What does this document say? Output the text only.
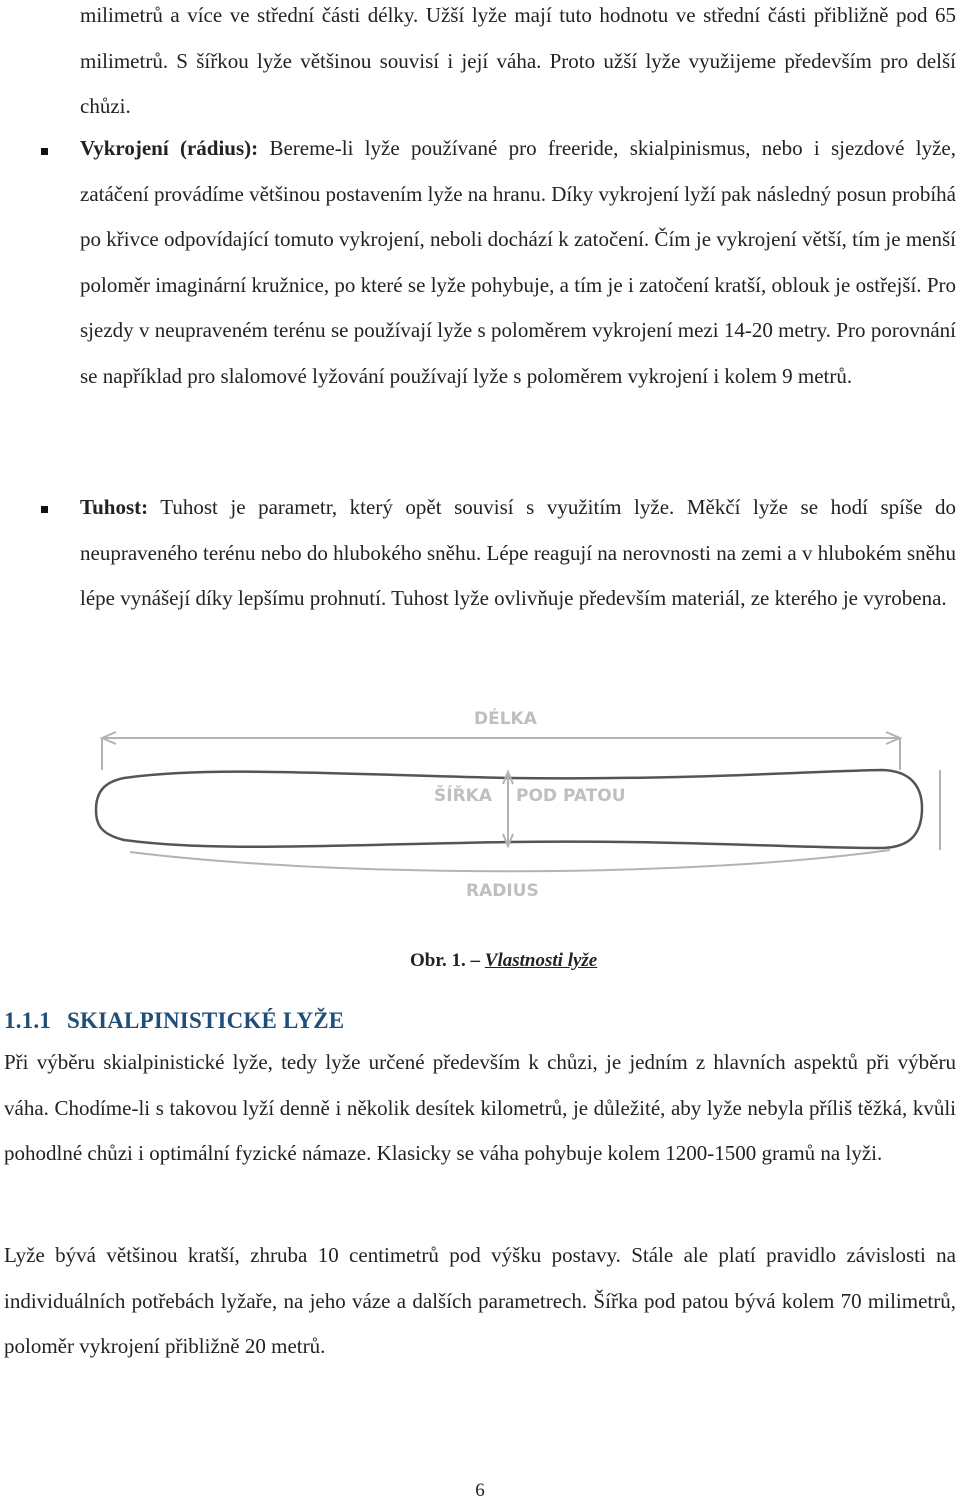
milimetrů a více ve střední části délky. Užší lyže mají tuto hodnotu ve střední části přibližně pod 65 milimetrů. S šířkou lyže většinou souvisí i její váha. Proto užší lyže využijeme především pro delší chůzi.

Vykrojení (rádius): Bereme-li lyže používané pro freeride, skialpinismus, nebo i sjezdové lyže, zatáčení provádíme většinou postavením lyže na hranu. Díky vykrojení lyží pak následný posun probíhá po křivce odpovídající tomuto vykrojení, neboli dochází k zatočení. Čím je vykrojení větší, tím je menší poloměr imaginární kružnice, po které se lyže pohybuje, a tím je i zatočení kratší, oblouk je ostřejší. Pro sjezdy v neupraveném terénu se používají lyže s poloměrem vykrojení mezi 14-20 metry. Pro porovnání se například pro slalomové lyžování používají lyže s poloměrem vykrojení i kolem 9 metrů.

Tuhost: Tuhost je parametr, který opět souvisí s využitím lyže. Měkčí lyže se hodí spíše do neupraveného terénu nebo do hlubokého sněhu. Lépe reagují na nerovnosti na zemi a v hlubokém sněhu lépe vynášejí díky lepšímu prohnutí. Tuhost lyže ovlivňuje především materiál, ze kterého je vyrobena.

DÉLKA
ŠÍŘKA POD PATOU
RADIUS
Obr. 1. – Vlastnosti lyže
1.1.1 SKIALPINISTICKÉ LYŽE

Při výběru skialpinistické lyže, tedy lyže určené především k chůzi, je jedním z hlavních aspektů při výběru váha. Chodíme-li s takovou lyží denně i několik desítek kilometrů, je důležité, aby lyže nebyla příliš těžká, kvůli pohodlné chůzi i optimální fyzické námaze. Klasicky se váha pohybuje kolem 1200-1500 gramů na lyži.

Lyže bývá většinou kratší, zhruba 10 centimetrů pod výšku postavy. Stále ale platí pravidlo závislosti na individuálních potřebách lyžaře, na jeho váze a dalších parametrech. Šířka pod patou bývá kolem 70 milimetrů, poloměr vykrojení přibližně 20 metrů.

6
